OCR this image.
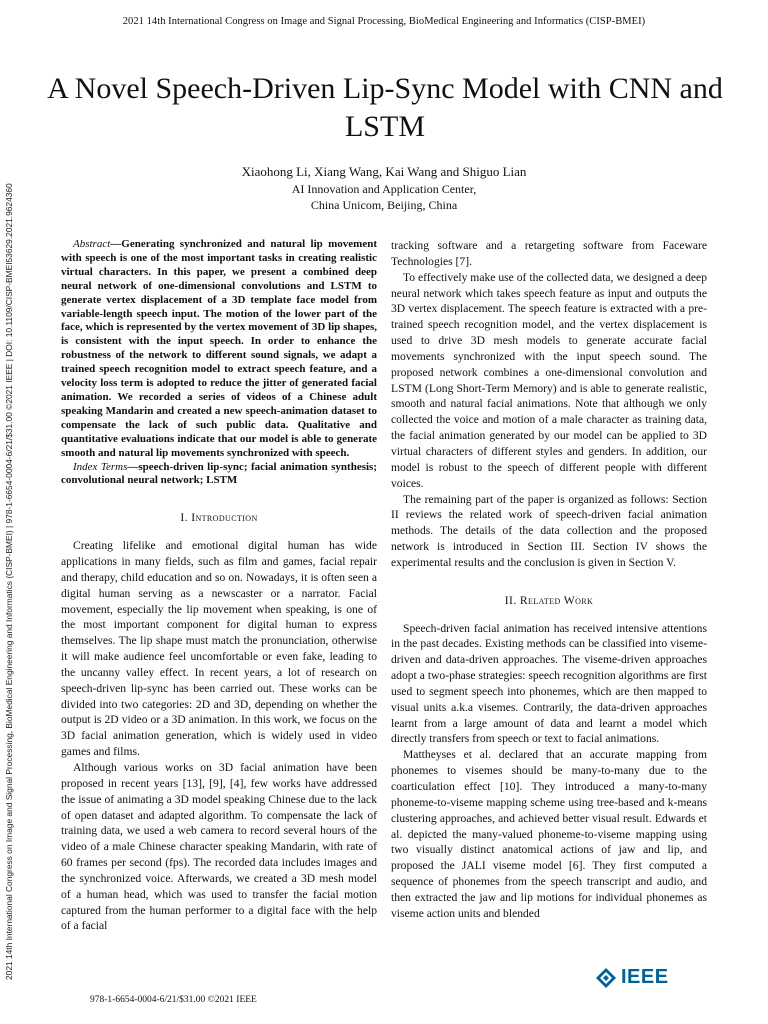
2021 14th International Congress on Image and Signal Processing, BioMedical Engineering and Informatics (CISP-BMEI)
2021 14th International Congress on Image and Signal Processing, BioMedical Engineering and Informatics (CISP-BMEI) | 978-1-6654-0004-6/21/$31.00 ©2021 IEEE | DOI: 10.1109/CISP-BMEI53629.2021.9624360
A Novel Speech-Driven Lip-Sync Model with CNN and LSTM
Xiaohong Li, Xiang Wang, Kai Wang and Shiguo Lian
AI Innovation and Application Center,
China Unicom, Beijing, China

Abstract—Generating synchronized and natural lip movement with speech is one of the most important tasks in creating realistic virtual characters. In this paper, we present a combined deep neural network of one-dimensional convolutions and LSTM to generate vertex displacement of a 3D template face model from variable-length speech input. The motion of the lower part of the face, which is represented by the vertex movement of 3D lip shapes, is consistent with the input speech. In order to enhance the robustness of the network to different sound signals, we adapt a trained speech recognition model to extract speech feature, and a velocity loss term is adopted to reduce the jitter of generated facial animation. We recorded a series of videos of a Chinese adult speaking Mandarin and created a new speech-animation dataset to compensate the lack of such public data. Qualitative and quantitative evaluations indicate that our model is able to generate smooth and natural lip movements synchronized with speech.

Index Terms—speech-driven lip-sync; facial animation synthesis; convolutional neural network; LSTM

I. Introduction

Creating lifelike and emotional digital human has wide applications in many fields, such as film and games, facial repair and therapy, child education and so on. Nowadays, it is often seen a digital human serving as a newscaster or a narrator. Facial movement, especially the lip movement when speaking, is one of the most important component for digital human to express themselves. The lip shape must match the pronunciation, otherwise it will make audience feel uncomfortable or even fake, leading to the uncanny valley effect. In recent years, a lot of research on speech-driven lip-sync has been carried out. These works can be divided into two categories: 2D and 3D, depending on whether the output is 2D video or a 3D animation. In this work, we focus on the 3D facial animation generation, which is widely used in video games and films.

Although various works on 3D facial animation have been proposed in recent years [13], [9], [4], few works have addressed the issue of animating a 3D model speaking Chinese due to the lack of open dataset and adapted algorithm. To compensate the lack of training data, we used a web camera to record several hours of the video of a male Chinese character speaking Mandarin, with rate of 60 frames per second (fps). The recorded data includes images and the synchronized voice. Afterwards, we created a 3D mesh model of a human head, which was used to transfer the facial motion captured from the human performer to a digital face with the help of a facial

tracking software and a retargeting software from Faceware Technologies [7].

To effectively make use of the collected data, we designed a deep neural network which takes speech feature as input and outputs the 3D vertex displacement. The speech feature is extracted with a pre-trained speech recognition model, and the vertex displacement is used to drive 3D mesh models to generate accurate facial movements synchronized with the input speech sound. The proposed network combines a one-dimensional convolution and LSTM (Long Short-Term Memory) and is able to generate realistic, smooth and natural facial animations. Note that although we only collected the voice and motion of a male character as training data, the facial animation generated by our model can be applied to 3D virtual characters of different styles and genders. In addition, our model is robust to the speech of different people with different voices.

The remaining part of the paper is organized as follows: Section II reviews the related work of speech-driven facial animation methods. The details of the data collection and the proposed network is introduced in Section III. Section IV shows the experimental results and the conclusion is given in Section V.

II. Related Work

Speech-driven facial animation has received intensive attentions in the past decades. Existing methods can be classified into viseme-driven and data-driven approaches. The viseme-driven approaches adopt a two-phase strategies: speech recognition algorithms are first used to segment speech into phonemes, which are then mapped to visual units a.k.a visemes. Contrarily, the data-driven approaches learnt from a large amount of data and learnt a model which directly transfers from speech or text to facial animations.

Mattheyses et al. declared that an accurate mapping from phonemes to visemes should be many-to-many due to the coarticulation effect [10]. They introduced a many-to-many phoneme-to-viseme mapping scheme using tree-based and k-means clustering approaches, and achieved better visual result. Edwards et al. depicted the many-valued phoneme-to-viseme mapping using two visually distinct anatomical actions of jaw and lip, and proposed the JALI viseme model [6]. They first computed a sequence of phonemes from the speech transcript and audio, and then extracted the jaw and lip motions for individual phonemes as viseme action units and blended

978-1-6654-0004-6/21/$31.00 ©2021 IEEE
IEEE
